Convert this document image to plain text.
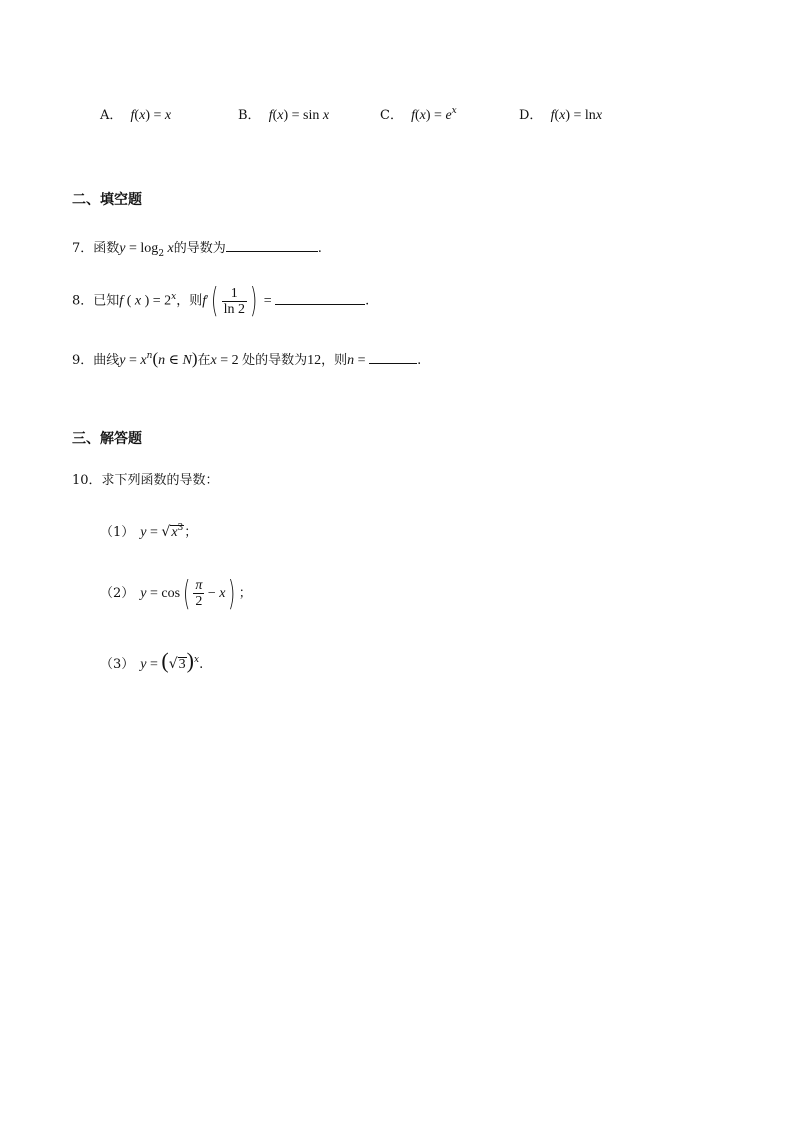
A． f(x) = x	B． f(x) = sin x	C． $f(x) = e^x$	D． f(x) = lnx
二、填空题
7．函数$y = \log_2 x$的导数为	.
8．已知f ( x ) = $2^x$，则$f'( \frac{1}{\ln 2}$ ) =	.
9．曲线$y = x^n(n$ ∈ N)在x = 2 处的导数为12，则n =	.
三、解答题
10．求下列函数的导数：
（1） $y = √x^3$；
（2） $y = \cos( \frac{\pi}{2} - x)$ ；
（3） $y = (√3)^x$.
